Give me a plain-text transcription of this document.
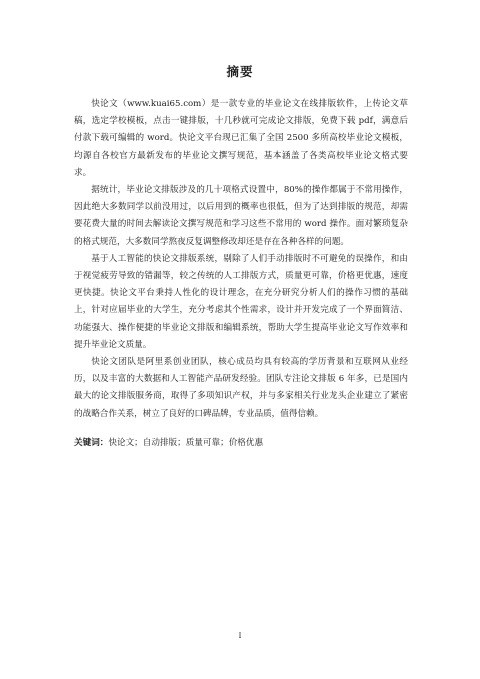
摘要

快论文（www.kuai65.com）是一款专业的毕业论文在线排版软件，上传论文草稿，选定学校模板，点击一键排版，十几秒就可完成论文排版，免费下载 pdf，满意后付款下载可编辑的 word。快论文平台现已汇集了全国 2500 多所高校毕业论文模板，均源自各校官方最新发布的毕业论文撰写规范，基本涵盖了各类高校毕业论文格式要求。

据统计，毕业论文排版涉及的几十项格式设置中，80%的操作都属于不常用操作，因此绝大多数同学以前没用过，以后用到的概率也很低，但为了达到排版的规范，却需要花费大量的时间去解读论文撰写规范和学习这些不常用的 word 操作。面对繁琐复杂的格式规范，大多数同学熬夜反复调整修改却还是存在各种各样的问题。

基于人工智能的快论文排版系统，剔除了人们手动排版时不可避免的误操作，和由于视觉疲劳导致的错漏等，较之传统的人工排版方式，质量更可靠，价格更优惠，速度更快捷。快论文平台秉持人性化的设计理念，在充分研究分析人们的操作习惯的基础上，针对应届毕业的大学生，充分考虑其个性需求，设计并开发完成了一个界面简洁、功能强大、操作便捷的毕业论文排版和编辑系统，帮助大学生提高毕业论文写作效率和提升毕业论文质量。

快论文团队是阿里系创业团队，核心成员均具有较高的学历背景和互联网从业经历，以及丰富的大数据和人工智能产品研发经验。团队专注论文排版 6 年多，已是国内最大的论文排版服务商，取得了多项知识产权，并与多家相关行业龙头企业建立了紧密的战略合作关系，树立了良好的口碑品牌，专业品质，值得信赖。

关键词：快论文；自动排版；质量可靠；价格优惠
I
